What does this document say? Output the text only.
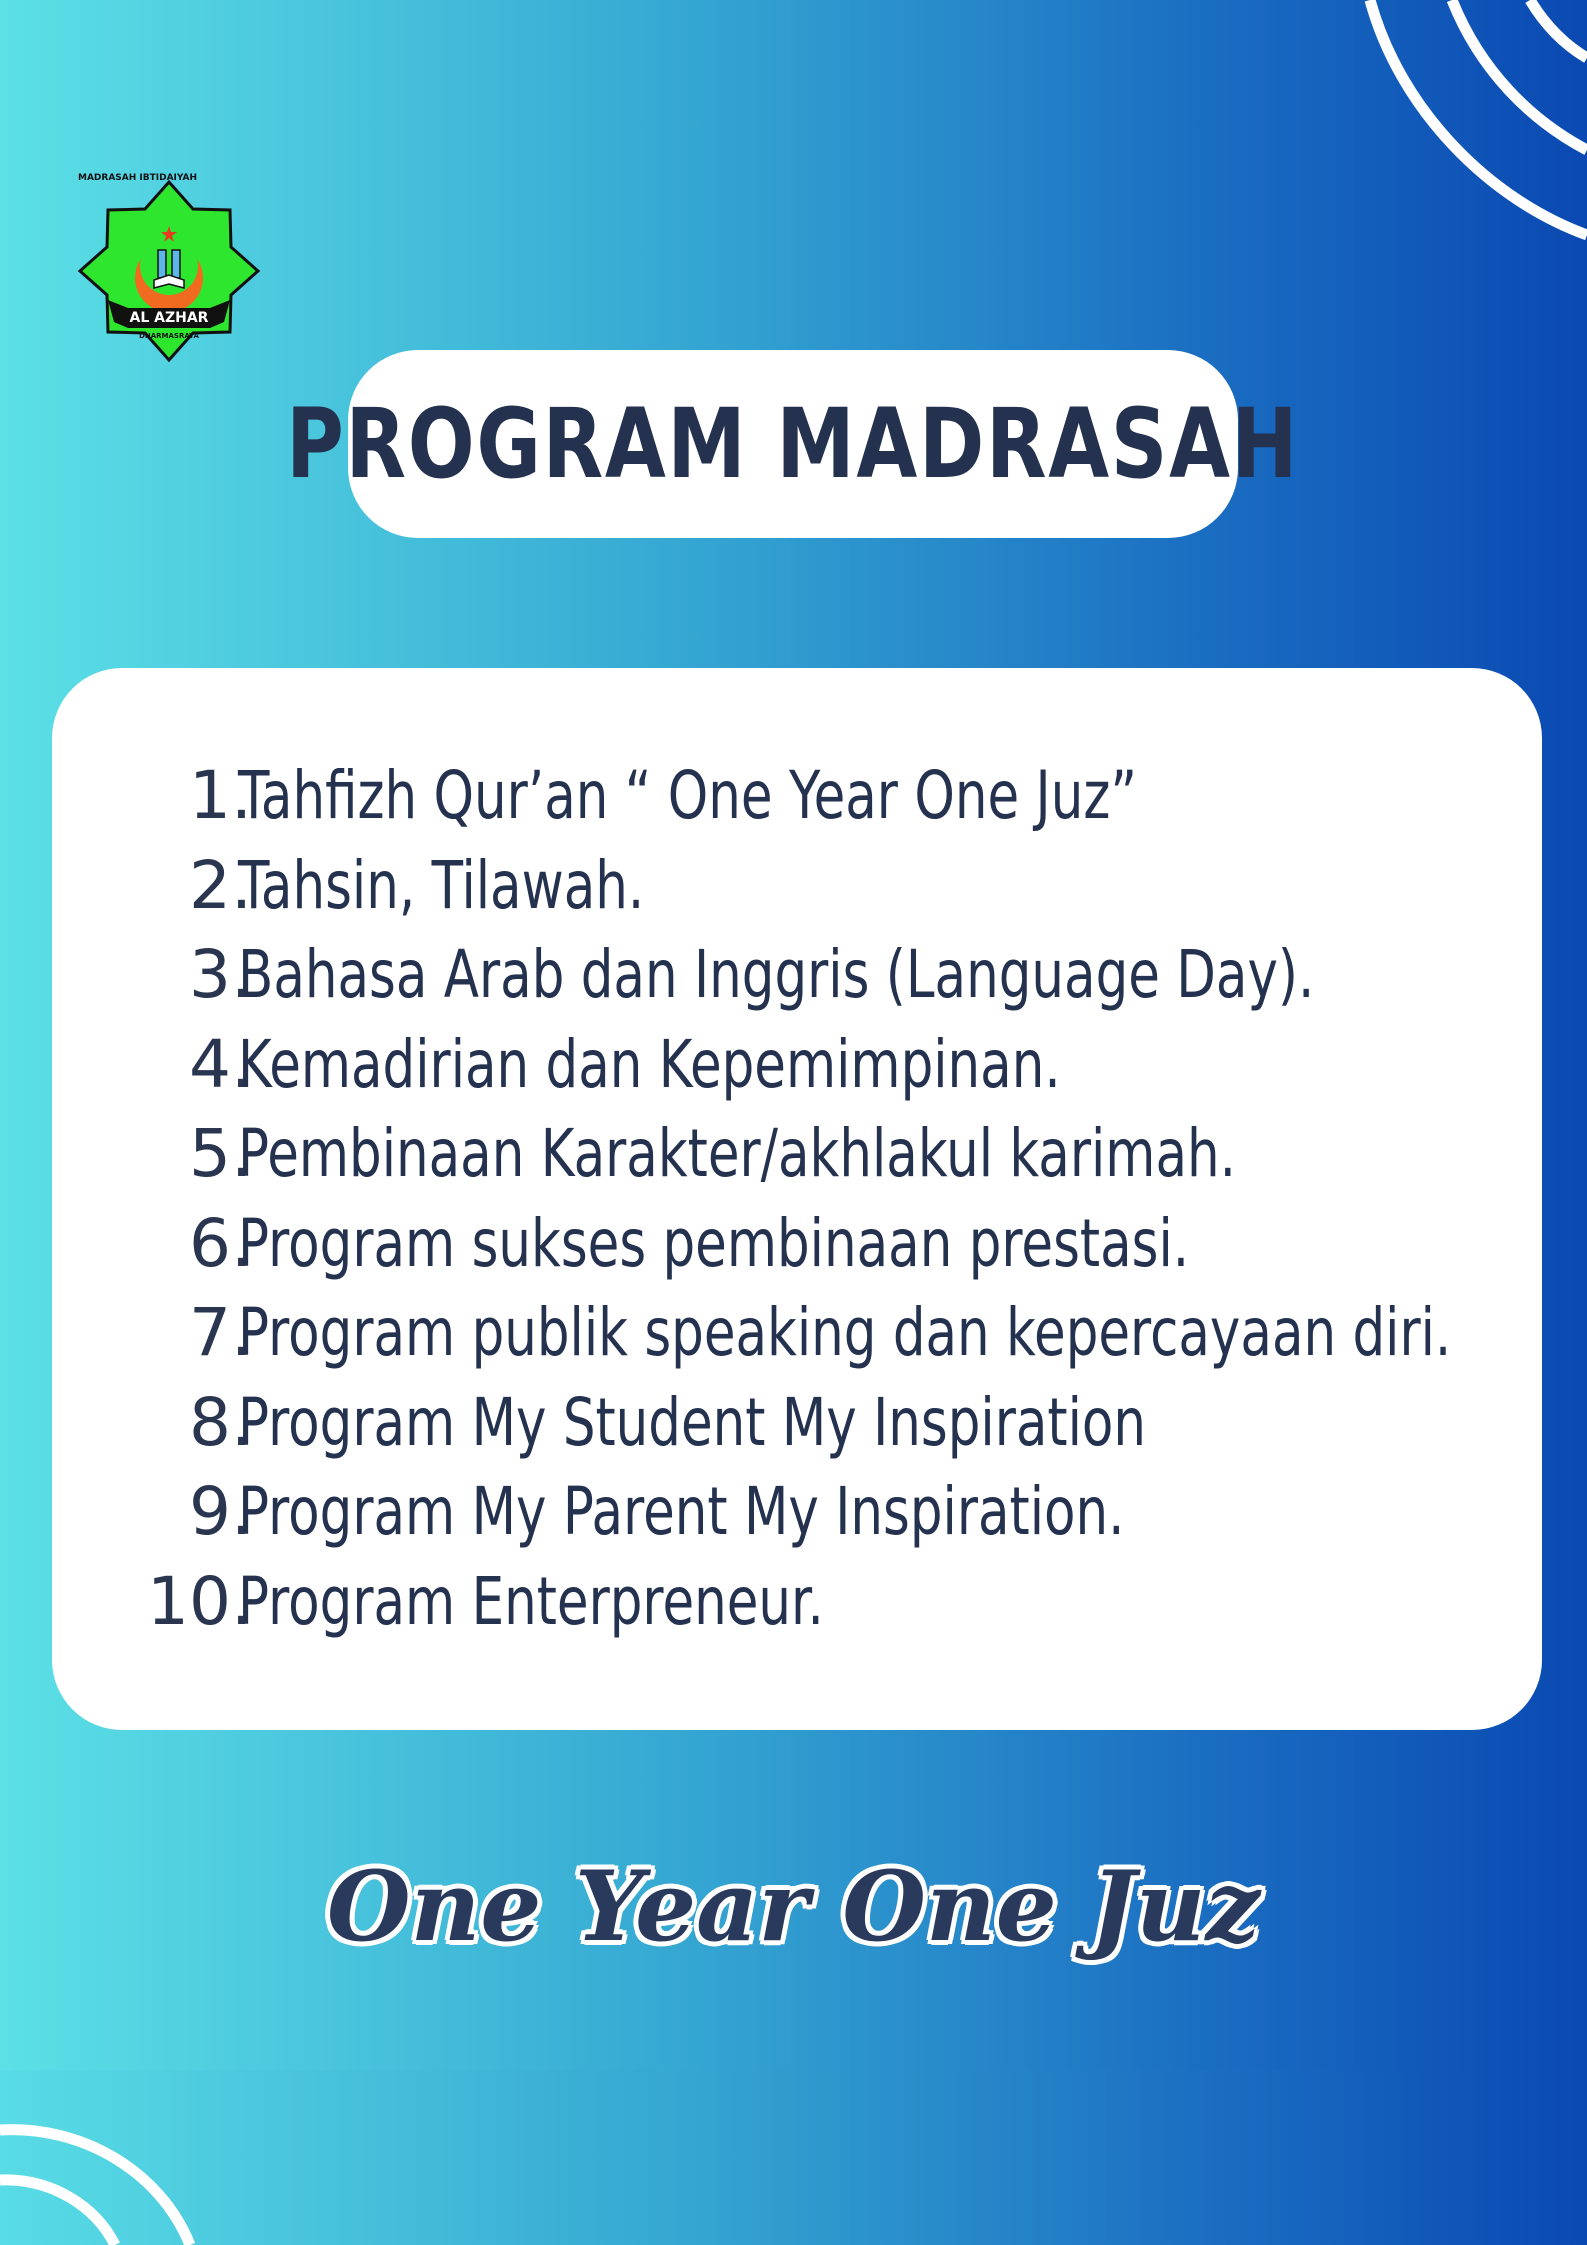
MADRASAH IBTIDAIYAH
AL AZHAR
DHARMASRAYA
PROGRAM MADRASAH
1.
Tahfizh Qur’an “ One Year One Juz”
2.
Tahsin, Tilawah.
3.
Bahasa Arab dan Inggris (Language Day).
4.
Kemadirian dan Kepemimpinan.
5.
Pembinaan Karakter/akhlakul karimah.
6.
Program sukses pembinaan prestasi.
7.
Program publik speaking dan kepercayaan diri.
8.
Program My Student My Inspiration
9.
Program My Parent My Inspiration.
10.
Program Enterpreneur.
One Year One Juz
